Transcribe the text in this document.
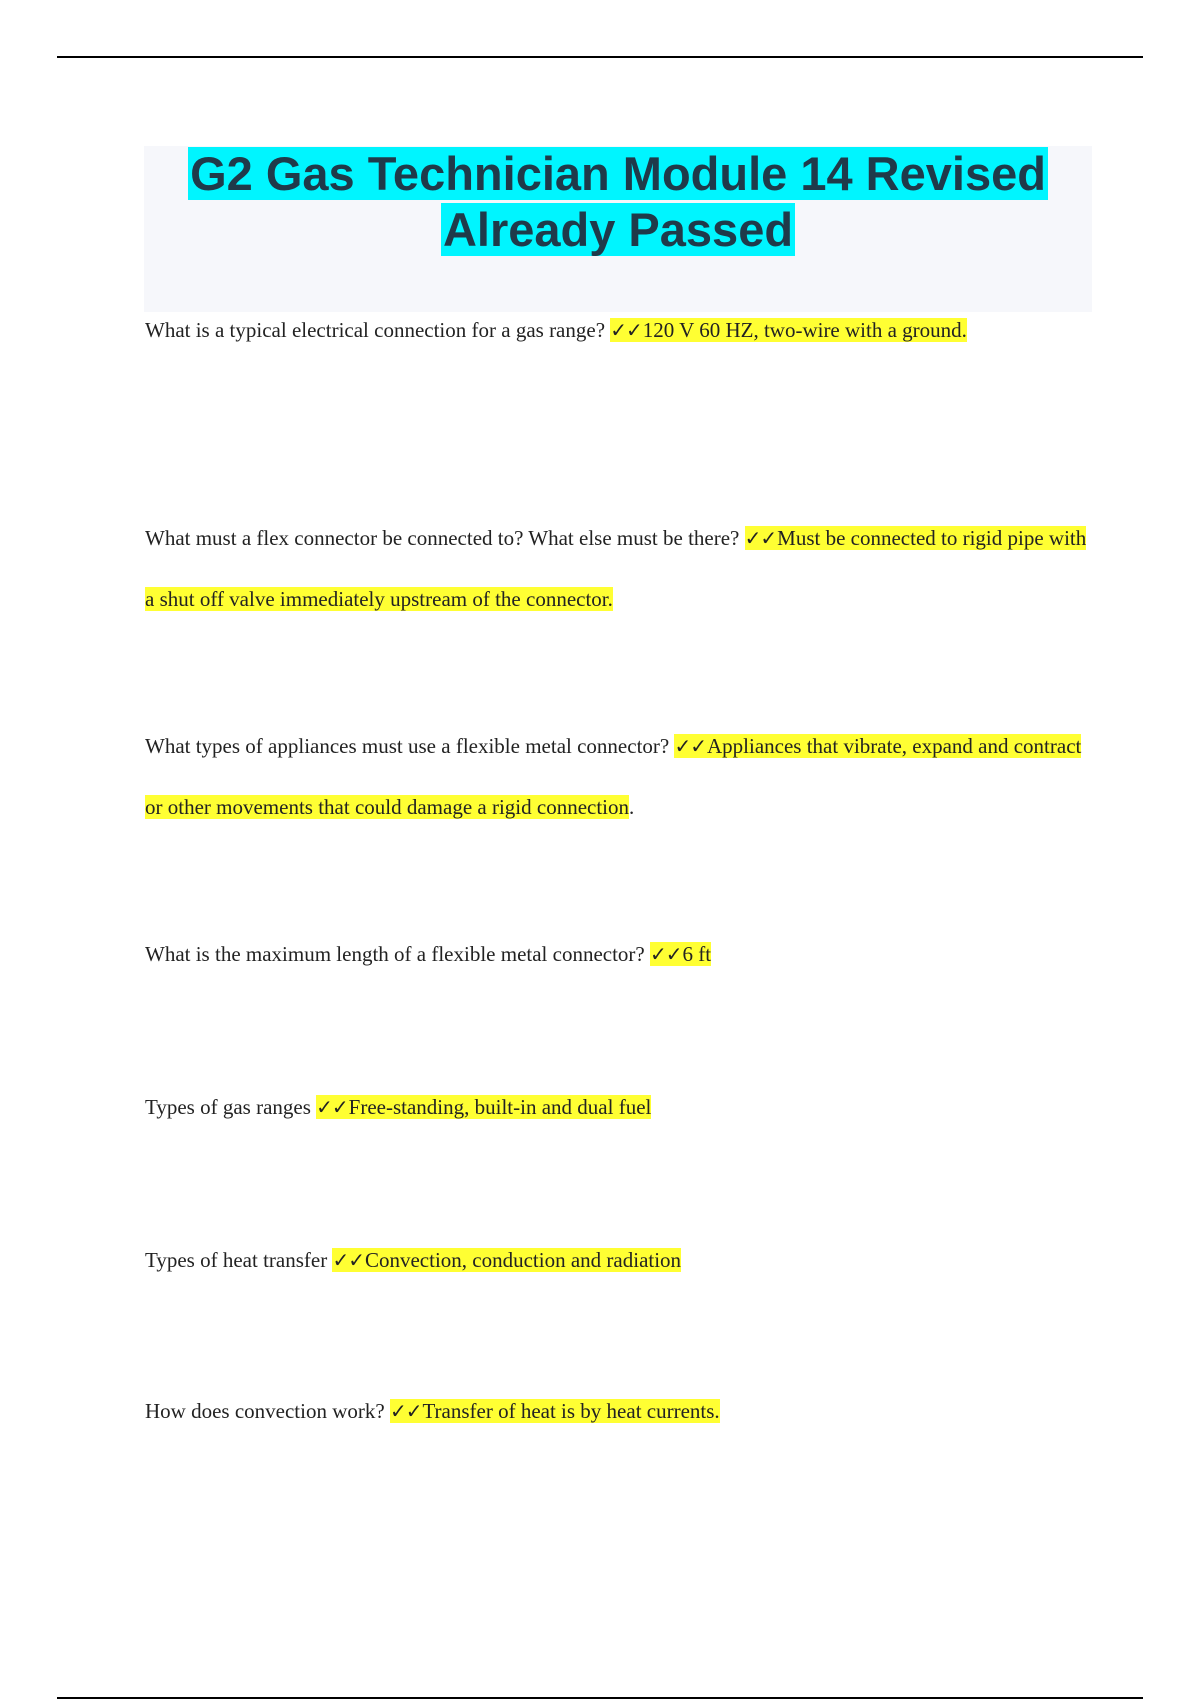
G2 Gas Technician Module 14 Revised
Already Passed
What is a typical electrical connection for a gas range? ✓✓120 V 60 HZ, two-wire with a ground.
What must a flex connector be connected to? What else must be there? ✓✓Must be connected to rigid pipe with a shut off valve immediately upstream of the connector.
What types of appliances must use a flexible metal connector? ✓✓Appliances that vibrate, expand and contract or other movements that could damage a rigid connection.
What is the maximum length of a flexible metal connector? ✓✓6 ft
Types of gas ranges ✓✓Free-standing, built-in and dual fuel
Types of heat transfer ✓✓Convection, conduction and radiation
How does convection work? ✓✓Transfer of heat is by heat currents.
